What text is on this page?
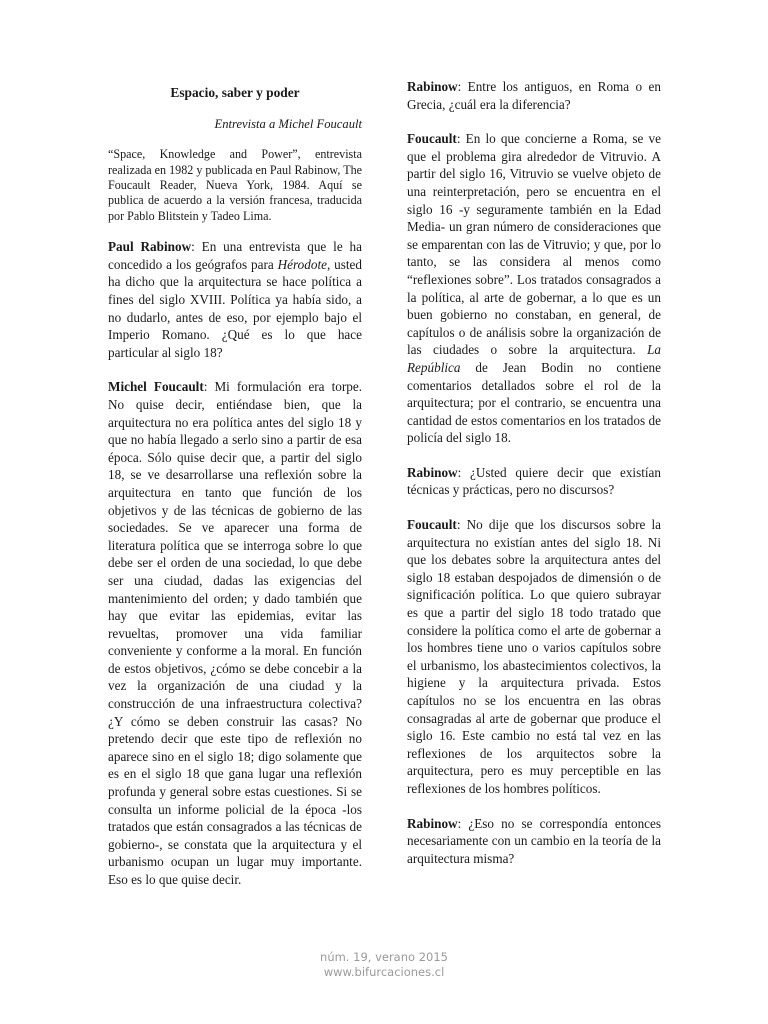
Espacio, saber y poder
Entrevista a Michel Foucault
“Space, Knowledge and Power”, entrevista realizada en 1982 y publicada en Paul Rabinow, The Foucault Reader, Nueva York, 1984. Aquí se publica de acuerdo a la versión francesa, traducida por Pablo Blitstein y Tadeo Lima.

Paul Rabinow: En una entrevista que le ha concedido a los geógrafos para Hérodote, usted ha dicho que la arquitectura se hace política a fines del siglo XVIII. Política ya había sido, a no dudarlo, antes de eso, por ejemplo bajo el Imperio Romano. ¿Qué es lo que hace particular al siglo 18?

Michel Foucault: Mi formulación era torpe. No quise decir, entiéndase bien, que la arquitectura no era política antes del siglo 18 y que no había llegado a serlo sino a partir de esa época. Sólo quise decir que, a partir del siglo 18, se ve desarrollarse una reflexión sobre la arquitectura en tanto que función de los objetivos y de las técnicas de gobierno de las sociedades. Se ve aparecer una forma de literatura política que se interroga sobre lo que debe ser el orden de una sociedad, lo que debe ser una ciudad, dadas las exigencias del mantenimiento del orden; y dado también que hay que evitar las epidemias, evitar las revueltas, promover una vida familiar conveniente y conforme a la moral. En función de estos objetivos, ¿cómo se debe concebir a la vez la organización de una ciudad y la construcción de una infraestructura colectiva? ¿Y cómo se deben construir las casas? No pretendo decir que este tipo de reflexión no aparece sino en el siglo 18; digo solamente que es en el siglo 18 que gana lugar una reflexión profunda y general sobre estas cuestiones. Si se consulta un informe policial de la época -los tratados que están consagrados a las técnicas de gobierno-, se constata que la arquitectura y el urbanismo ocupan un lugar muy importante. Eso es lo que quise decir.

Rabinow: Entre los antiguos, en Roma o en Grecia, ¿cuál era la diferencia?

Foucault: En lo que concierne a Roma, se ve que el problema gira alrededor de Vitruvio. A partir del siglo 16, Vitruvio se vuelve objeto de una reinterpretación, pero se encuentra en el siglo 16 -y seguramente también en la Edad Media- un gran número de consideraciones que se emparentan con las de Vitruvio; y que, por lo tanto, se las considera al menos como “reflexiones sobre”. Los tratados consagrados a la política, al arte de gobernar, a lo que es un buen gobierno no constaban, en general, de capítulos o de análisis sobre la organización de las ciudades o sobre la arquitectura. La República de Jean Bodin no contiene comentarios detallados sobre el rol de la arquitectura; por el contrario, se encuentra una cantidad de estos comentarios en los tratados de policía del siglo 18.

Rabinow: ¿Usted quiere decir que existían técnicas y prácticas, pero no discursos?

Foucault: No dije que los discursos sobre la arquitectura no existían antes del siglo 18. Ni que los debates sobre la arquitectura antes del siglo 18 estaban despojados de dimensión o de significación política. Lo que quiero subrayar es que a partir del siglo 18 todo tratado que considere la política como el arte de gobernar a los hombres tiene uno o varios capítulos sobre el urbanismo, los abastecimientos colectivos, la higiene y la arquitectura privada. Estos capítulos no se los encuentra en las obras consagradas al arte de gobernar que produce el siglo 16. Este cambio no está tal vez en las reflexiones de los arquitectos sobre la arquitectura, pero es muy perceptible en las reflexiones de los hombres políticos.

Rabinow: ¿Eso no se correspondía entonces necesariamente con un cambio en la teoría de la arquitectura misma?

núm. 19, verano 2015
www.bifurcaciones.cl
